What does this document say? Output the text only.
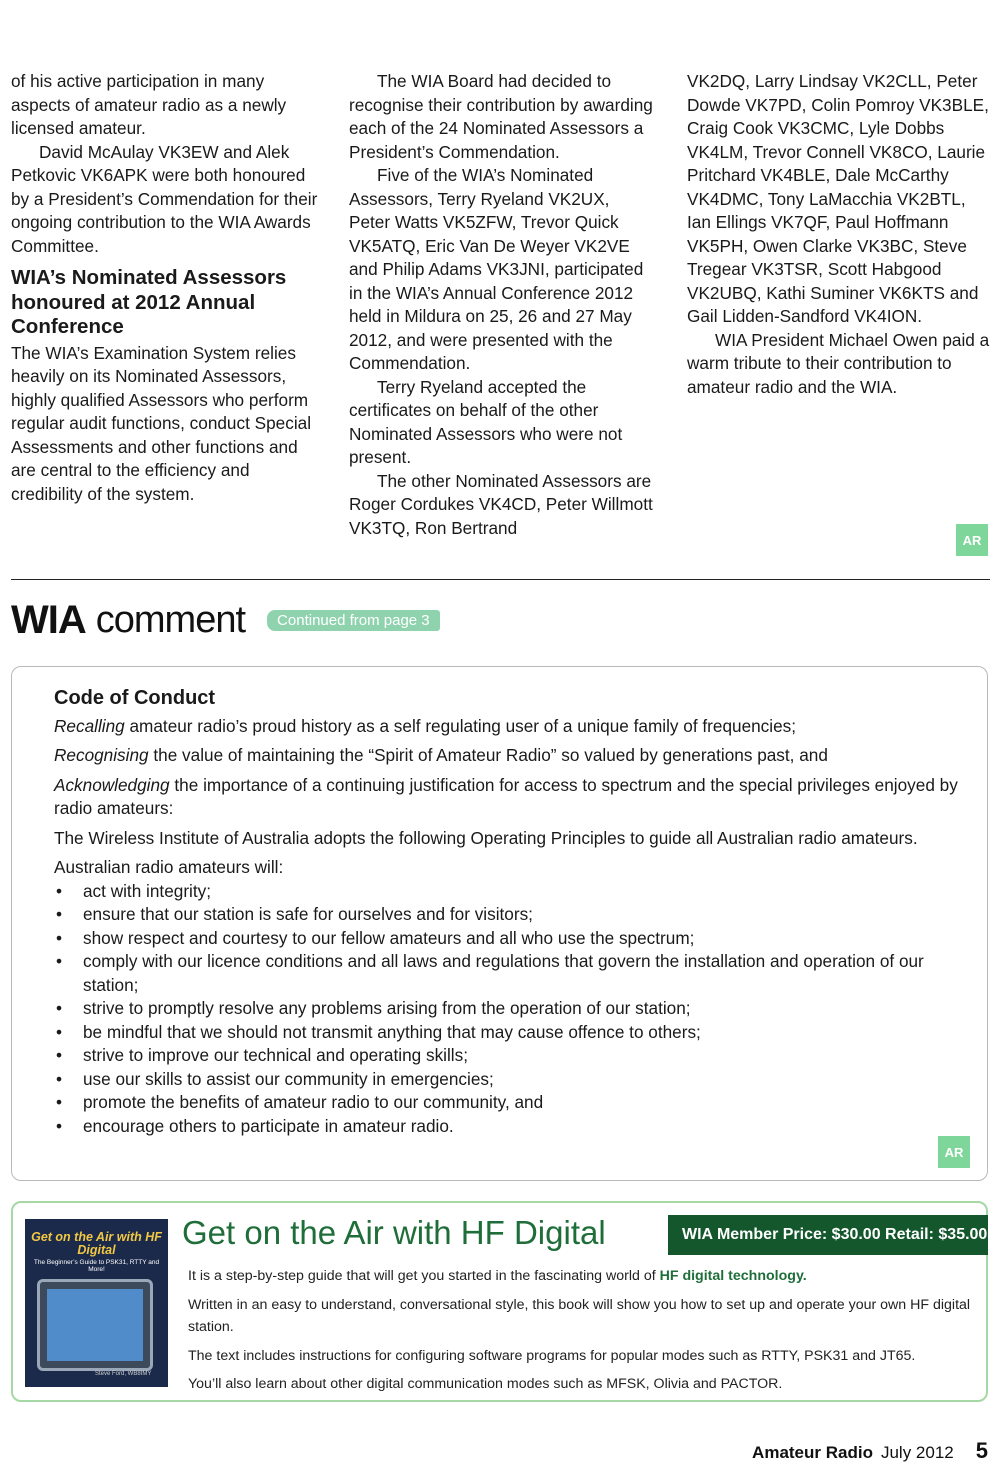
of his active participation in many aspects of amateur radio as a newly licensed amateur.

David McAulay VK3EW and Alek Petkovic VK6APK were both honoured by a President’s Commendation for their ongoing contribution to the WIA Awards Committee.

WIA’s Nominated Assessors honoured at 2012 Annual Conference

The WIA’s Examination System relies heavily on its Nominated Assessors, highly qualified Assessors who perform regular audit functions, conduct Special Assessments and other functions and are central to the efficiency and credibility of the system.

The WIA Board had decided to recognise their contribution by awarding each of the 24 Nominated Assessors a President’s Commendation.

Five of the WIA’s Nominated Assessors, Terry Ryeland VK2UX, Peter Watts VK5ZFW, Trevor Quick VK5ATQ, Eric Van De Weyer VK2VE and Philip Adams VK3JNI, participated in the WIA’s Annual Conference 2012 held in Mildura on 25, 26 and 27 May 2012, and were presented with the Commendation.

Terry Ryeland accepted the certificates on behalf of the other Nominated Assessors who were not present.

The other Nominated Assessors are Roger Cordukes VK4CD, Peter Willmott VK3TQ, Ron Bertrand

VK2DQ, Larry Lindsay VK2CLL, Peter Dowde VK7PD, Colin Pomroy VK3BLE, Craig Cook VK3CMC, Lyle Dobbs VK4LM, Trevor Connell VK8CO, Laurie Pritchard VK4BLE, Dale McCarthy VK4DMC, Tony LaMacchia VK2BTL, Ian Ellings VK7QF, Paul Hoffmann VK5PH, Owen Clarke VK3BC, Steve Tregear VK3TSR, Scott Habgood VK2UBQ, Kathi Suminer VK6KTS and Gail Lidden-Sandford VK4ION.

WIA President Michael Owen paid a warm tribute to their contribution to amateur radio and the WIA.

AR
WIA comment	Continued from page 3

Code of Conduct

Recalling amateur radio’s proud history as a self regulating user of a unique family of frequencies;

Recognising the value of maintaining the “Spirit of Amateur Radio” so valued by generations past, and

Acknowledging the importance of a continuing justification for access to spectrum and the special privileges enjoyed by radio amateurs:

The Wireless Institute of Australia adopts the following Operating Principles to guide all Australian radio amateurs.

Australian radio amateurs will:

• act with integrity;
• ensure that our station is safe for ourselves and for visitors;
• show respect and courtesy to our fellow amateurs and all who use the spectrum;
• comply with our licence conditions and all laws and regulations that govern the installation and operation of our station;
• strive to promptly resolve any problems arising from the operation of our station;
• be mindful that we should not transmit anything that may cause offence to others;
• strive to improve our technical and operating skills;
• use our skills to assist our community in emergencies;
• promote the benefits of amateur radio to our community, and
• encourage others to participate in amateur radio.
AR
Get on the Air with HF Digital
The Beginner’s Guide to PSK31, RTTY and More!
Steve Ford, WB8IMY
Get on the Air with HF Digital	WIA Member Price: $30.00 Retail: $35.00

It is a step-by-step guide that will get you started in the fascinating world of HF digital technology.

Written in an easy to understand, conversational style, this book will show you how to set up and operate your own HF digital station.

The text includes instructions for configuring software programs for popular modes such as RTTY, PSK31 and JT65.

You’ll also learn about other digital communication modes such as MFSK, Olivia and PACTOR.

Amateur Radio July 2012 5
